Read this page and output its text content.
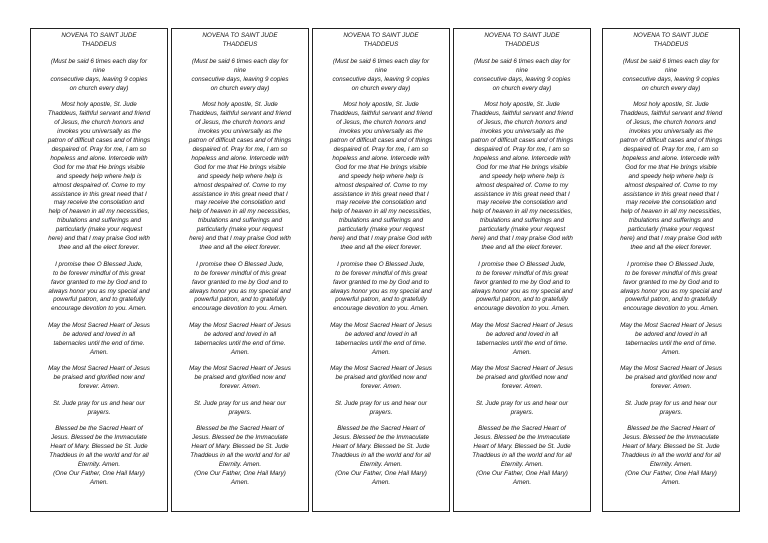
NOVENA TO SAINT JUDE
THADDEUS

(Must be said 6 times each day for
nine
consecutive days, leaving 9 copies
on church every day)

Most holy apostle, St. Jude
Thaddeus, faithful servant and friend
of Jesus, the church honors and
invokes you universally as the
patron of difficult cases and of things
despaired of. Pray for me, I am so
hopeless and alone. Intercede with
God for me that He brings visible
and speedy help where help is
almost despaired of. Come to my
assistance in this great need that I
may receive the consolation and
help of heaven in all my necessities,
tribulations and sufferings and
particularly (make your request
here) and that I may praise God with
thee and all the elect forever.

I promise thee O Blessed Jude,
to be forever mindful of this great
favor granted to me by God and to
always honor you as my special and
powerful patron, and to gratefully
encourage devotion to you. Amen.

May the Most Sacred Heart of Jesus
be adored and loved in all
tabernacles until the end of time.
Amen.

May the Most Sacred Heart of Jesus
be praised and glorified now and
forever. Amen.

St. Jude pray for us and hear our
prayers.

Blessed be the Sacred Heart of
Jesus. Blessed be the Immaculate
Heart of Mary. Blessed be St. Jude
Thaddeus in all the world and for all
Eternity. Amen.
(One Our Father, One Hail Mary)
Amen.

NOVENA TO SAINT JUDE
THADDEUS

(Must be said 6 times each day for
nine
consecutive days, leaving 9 copies
on church every day)

Most holy apostle, St. Jude
Thaddeus, faithful servant and friend
of Jesus, the church honors and
invokes you universally as the
patron of difficult cases and of things
despaired of. Pray for me, I am so
hopeless and alone. Intercede with
God for me that He brings visible
and speedy help where help is
almost despaired of. Come to my
assistance in this great need that I
may receive the consolation and
help of heaven in all my necessities,
tribulations and sufferings and
particularly (make your request
here) and that I may praise God with
thee and all the elect forever.

I promise thee O Blessed Jude,
to be forever mindful of this great
favor granted to me by God and to
always honor you as my special and
powerful patron, and to gratefully
encourage devotion to you. Amen.

May the Most Sacred Heart of Jesus
be adored and loved in all
tabernacles until the end of time.
Amen.

May the Most Sacred Heart of Jesus
be praised and glorified now and
forever. Amen.

St. Jude pray for us and hear our
prayers.

Blessed be the Sacred Heart of
Jesus. Blessed be the Immaculate
Heart of Mary. Blessed be St. Jude
Thaddeus in all the world and for all
Eternity. Amen.
(One Our Father, One Hail Mary)
Amen.

NOVENA TO SAINT JUDE
THADDEUS

(Must be said 6 times each day for
nine
consecutive days, leaving 9 copies
on church every day)

Most holy apostle, St. Jude
Thaddeus, faithful servant and friend
of Jesus, the church honors and
invokes you universally as the
patron of difficult cases and of things
despaired of. Pray for me, I am so
hopeless and alone. Intercede with
God for me that He brings visible
and speedy help where help is
almost despaired of. Come to my
assistance in this great need that I
may receive the consolation and
help of heaven in all my necessities,
tribulations and sufferings and
particularly (make your request
here) and that I may praise God with
thee and all the elect forever.

I promise thee O Blessed Jude,
to be forever mindful of this great
favor granted to me by God and to
always honor you as my special and
powerful patron, and to gratefully
encourage devotion to you. Amen.

May the Most Sacred Heart of Jesus
be adored and loved in all
tabernacles until the end of time.
Amen.

May the Most Sacred Heart of Jesus
be praised and glorified now and
forever. Amen.

St. Jude pray for us and hear our
prayers.

Blessed be the Sacred Heart of
Jesus. Blessed be the Immaculate
Heart of Mary. Blessed be St. Jude
Thaddeus in all the world and for all
Eternity. Amen.
(One Our Father, One Hail Mary)
Amen.

NOVENA TO SAINT JUDE
THADDEUS

(Must be said 6 times each day for
nine
consecutive days, leaving 9 copies
on church every day)

Most holy apostle, St. Jude
Thaddeus, faithful servant and friend
of Jesus, the church honors and
invokes you universally as the
patron of difficult cases and of things
despaired of. Pray for me, I am so
hopeless and alone. Intercede with
God for me that He brings visible
and speedy help where help is
almost despaired of. Come to my
assistance in this great need that I
may receive the consolation and
help of heaven in all my necessities,
tribulations and sufferings and
particularly (make your request
here) and that I may praise God with
thee and all the elect forever.

I promise thee O Blessed Jude,
to be forever mindful of this great
favor granted to me by God and to
always honor you as my special and
powerful patron, and to gratefully
encourage devotion to you. Amen.

May the Most Sacred Heart of Jesus
be adored and loved in all
tabernacles until the end of time.
Amen.

May the Most Sacred Heart of Jesus
be praised and glorified now and
forever. Amen.

St. Jude pray for us and hear our
prayers.

Blessed be the Sacred Heart of
Jesus. Blessed be the Immaculate
Heart of Mary. Blessed be St. Jude
Thaddeus in all the world and for all
Eternity. Amen.
(One Our Father, One Hail Mary)
Amen.

NOVENA TO SAINT JUDE
THADDEUS

(Must be said 6 times each day for
nine
consecutive days, leaving 9 copies
on church every day)

Most holy apostle, St. Jude
Thaddeus, faithful servant and friend
of Jesus, the church honors and
invokes you universally as the
patron of difficult cases and of things
despaired of. Pray for me, I am so
hopeless and alone. Intercede with
God for me that He brings visible
and speedy help where help is
almost despaired of. Come to my
assistance in this great need that I
may receive the consolation and
help of heaven in all my necessities,
tribulations and sufferings and
particularly (make your request
here) and that I may praise God with
thee and all the elect forever.

I promise thee O Blessed Jude,
to be forever mindful of this great
favor granted to me by God and to
always honor you as my special and
powerful patron, and to gratefully
encourage devotion to you. Amen.

May the Most Sacred Heart of Jesus
be adored and loved in all
tabernacles until the end of time.
Amen.

May the Most Sacred Heart of Jesus
be praised and glorified now and
forever. Amen.

St. Jude pray for us and hear our
prayers.

Blessed be the Sacred Heart of
Jesus. Blessed be the Immaculate
Heart of Mary. Blessed be St. Jude
Thaddeus in all the world and for all
Eternity. Amen.
(One Our Father, One Hail Mary)
Amen.
